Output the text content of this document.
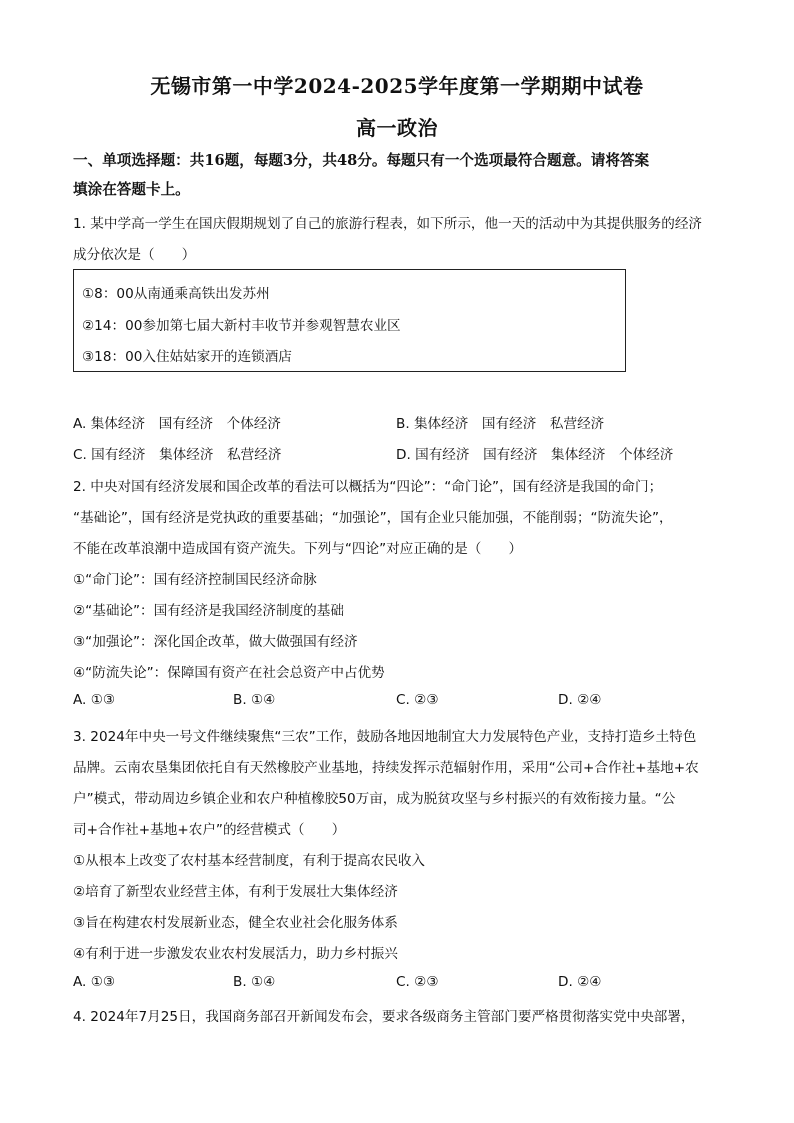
无锡市第一中学2024-2025学年度第一学期期中试卷
高一政治
一、单项选择题：共16题，每题3分，共48分。每题只有一个选项最符合题意。请将答案
填涂在答题卡上。
1. 某中学高一学生在国庆假期规划了自己的旅游行程表，如下所示，他一天的活动中为其提供服务的经济
成分依次是（　　）
①8：00从南通乘高铁出发苏州
②14：00参加第七届大新村丰收节并参观智慧农业区
③18：00入住姑姑家开的连锁酒店
A. 集体经济　国有经济　个体经济	B. 集体经济　国有经济　私营经济
C. 国有经济　集体经济　私营经济	D. 国有经济　国有经济　集体经济　个体经济
2. 中央对国有经济发展和国企改革的看法可以概括为“四论”：“命门论”，国有经济是我国的命门；
“基础论”，国有经济是党执政的重要基础；“加强论”，国有企业只能加强，不能削弱；“防流失论”，
不能在改革浪潮中造成国有资产流失。下列与“四论”对应正确的是（　　）
①“命门论”：国有经济控制国民经济命脉
②“基础论”：国有经济是我国经济制度的基础
③“加强论”：深化国企改革，做大做强国有经济
④“防流失论”：保障国有资产在社会总资产中占优势
A. ①③	B. ①④	C. ②③	D. ②④
3. 2024年中央一号文件继续聚焦“三农”工作，鼓励各地因地制宜大力发展特色产业，支持打造乡土特色
品牌。云南农垦集团依托自有天然橡胶产业基地，持续发挥示范辐射作用，采用“公司+合作社+基地+农
户”模式，带动周边乡镇企业和农户种植橡胶50万亩，成为脱贫攻坚与乡村振兴的有效衔接力量。“公
司+合作社+基地+农户”的经营模式（　　）
①从根本上改变了农村基本经营制度，有利于提高农民收入
②培育了新型农业经营主体，有利于发展壮大集体经济
③旨在构建农村发展新业态，健全农业社会化服务体系
④有利于进一步激发农业农村发展活力，助力乡村振兴
A. ①③	B. ①④	C. ②③	D. ②④
4. 2024年7月25日，我国商务部召开新闻发布会，要求各级商务主管部门要严格贯彻落实党中央部署，
